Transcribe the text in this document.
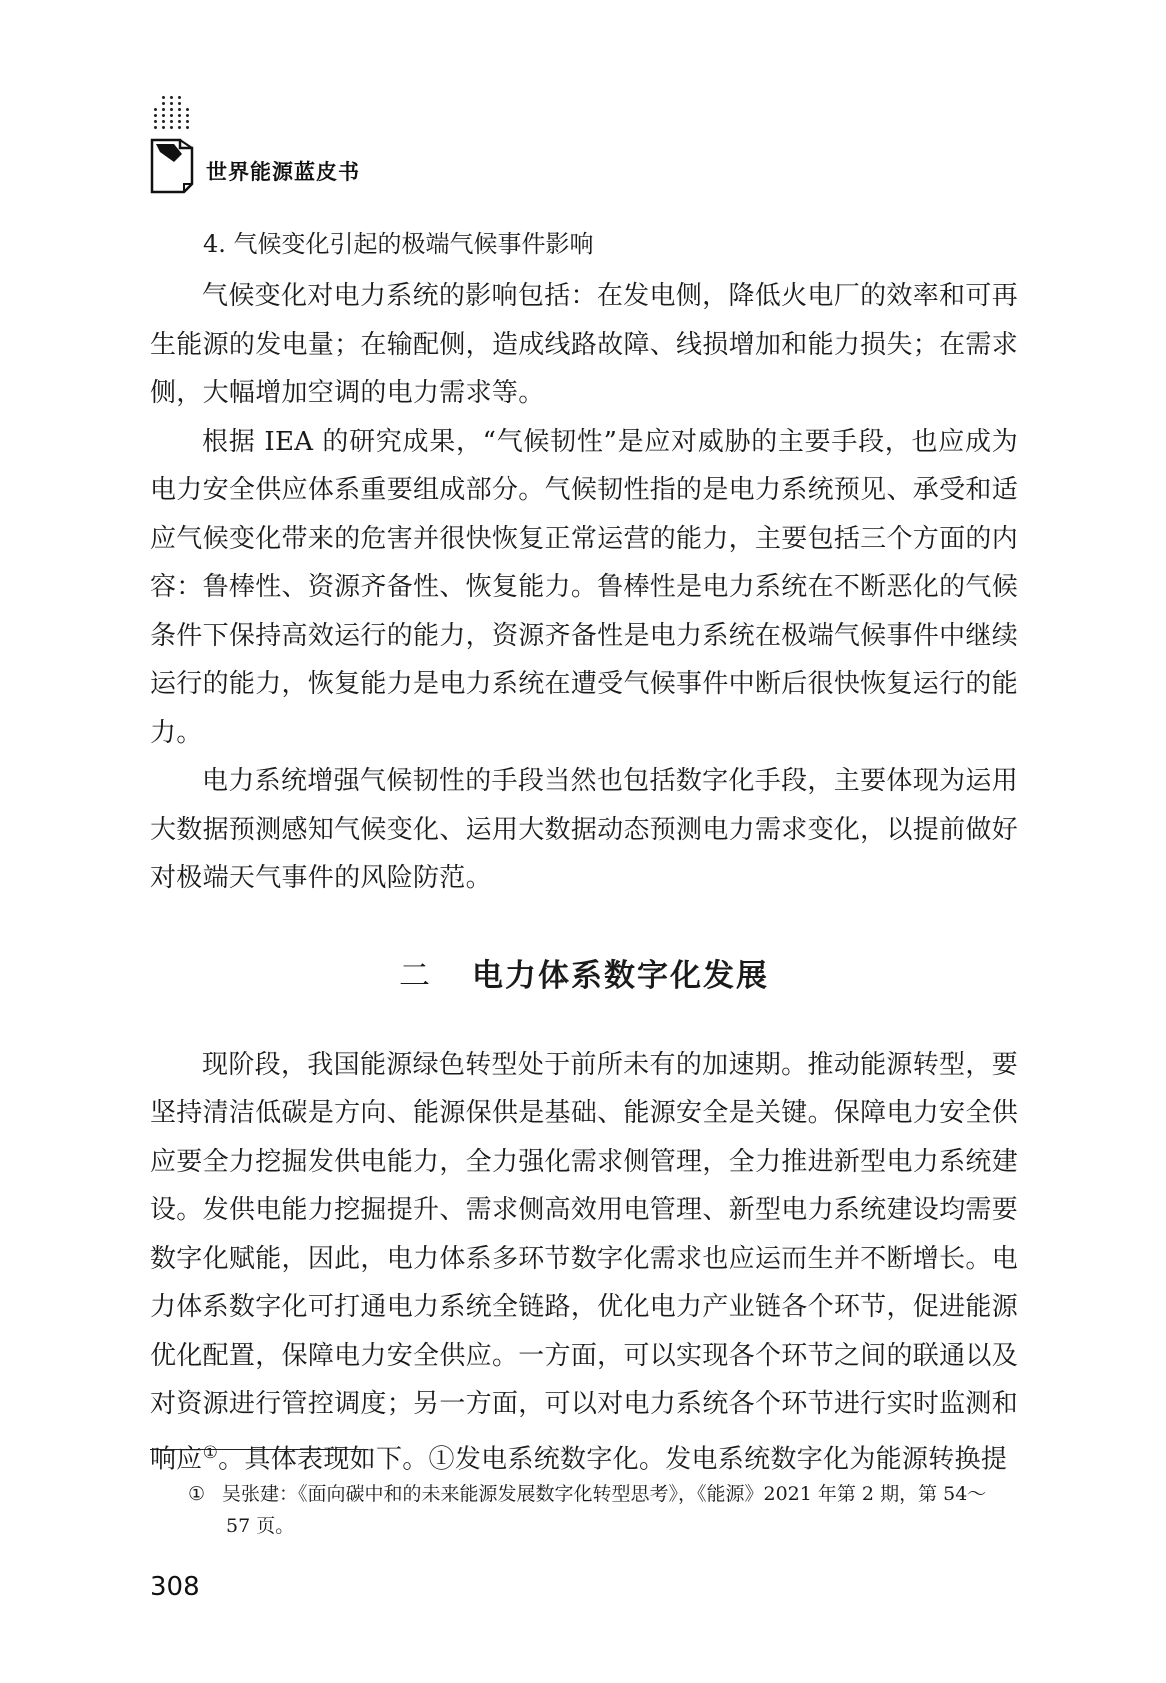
世界能源蓝皮书
4. 气候变化引起的极端气候事件影响

气候变化对电力系统的影响包括：在发电侧，降低火电厂的效率和可再生能源的发电量；在输配侧，造成线路故障、线损增加和能力损失；在需求侧，大幅增加空调的电力需求等。

根据 IEA 的研究成果，“气候韧性”是应对威胁的主要手段，也应成为电力安全供应体系重要组成部分。气候韧性指的是电力系统预见、承受和适应气候变化带来的危害并很快恢复正常运营的能力，主要包括三个方面的内容：鲁棒性、资源齐备性、恢复能力。鲁棒性是电力系统在不断恶化的气候条件下保持高效运行的能力，资源齐备性是电力系统在极端气候事件中继续运行的能力，恢复能力是电力系统在遭受气候事件中断后很快恢复运行的能力。

电力系统增强气候韧性的手段当然也包括数字化手段，主要体现为运用大数据预测感知气候变化、运用大数据动态预测电力需求变化，以提前做好对极端天气事件的风险防范。

二 电力体系数字化发展

现阶段，我国能源绿色转型处于前所未有的加速期。推动能源转型，要坚持清洁低碳是方向、能源保供是基础、能源安全是关键。保障电力安全供应要全力挖掘发供电能力，全力强化需求侧管理，全力推进新型电力系统建设。发供电能力挖掘提升、需求侧高效用电管理、新型电力系统建设均需要数字化赋能，因此，电力体系多环节数字化需求也应运而生并不断增长。电力体系数字化可打通电力系统全链路，优化电力产业链各个环节，促进能源优化配置，保障电力安全供应。一方面，可以实现各个环节之间的联通以及对资源进行管控调度；另一方面，可以对电力系统各个环节进行实时监测和响应①。具体表现如下。①发电系统数字化。发电系统数字化为能源转换提

① 吴张建：《面向碳中和的未来能源发展数字化转型思考》，《能源》2021 年第 2 期，第 54～
57 页。
308
